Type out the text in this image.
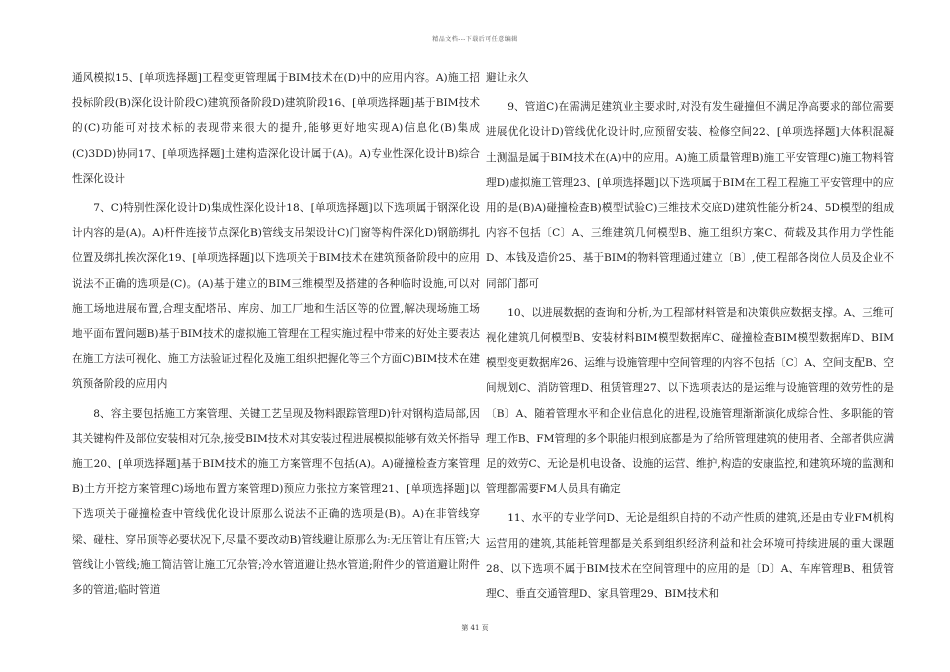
精品文档---下载后可任意编辑

通风模拟15、[单项选择题]工程变更管理属于BIM技术在(D)中的应用内容。A)施工招投标阶段(B)深化设计阶段C)建筑预备阶段D)建筑阶段16、[单项选择题]基于BIM技术的(C)功能可对技术标的表现带来很大的提升,能够更好地实现A)信息化(B)集成(C)3DD)协同17、[单项选择题]土建构造深化设计属于(A)。A)专业性深化设计B)综合性深化设计

7、C)特别性深化设计D)集成性深化设计18、[单项选择题]以下选项属于钢深化设计内容的是(A)。A)杆件连接节点深化B)管线支吊架设计C)门窗等构件深化D)钢筋绑扎位置及绑扎挨次深化19、[单项选择题]以下选项关于BIM技术在建筑预备阶段中的应用说法不正确的选项是(C)。(A)基于建立的BIM三维模型及搭建的各种临时设施,可以对施工场地进展布置,合理支配塔吊、库房、加工厂地和生活区等的位置,解决现场施工场地平面布置问题B)基于BIM技术的虚拟施工管理在工程实施过程中带来的好处主要表达在施工方法可视化、施工方法验证过程化及施工组织把握化等三个方面C)BIM技术在建筑预备阶段的应用内

8、容主要包括施工方案管理、关键工艺呈现及物料跟踪管理D)针对钢构造局部,因其关键构件及部位安装相对冗杂,接受BIM技术对其安装过程进展模拟能够有效关怀指导施工20、[单项选择题]基于BIM技术的施工方案管理不包括(A)。A)碰撞检查方案管理B)土方开挖方案管理C)场地布置方案管理D)预应力张拉方案管理21、[单项选择题]以下选项关于碰撞检查中管线优化设计原那么说法不正确的选项是(B)。A)在非管线穿梁、碰柱、穿吊顶等必要状况下,尽量不要改动B)管线避让原那么为:无压管让有压管;大管线让小管线;施工简洁管让施工冗杂管;冷水管道避让热水管道;附件少的管道避让附件多的管道;临时管道

避让永久

9、管道C)在需满足建筑业主要求时,对没有发生碰撞但不满足净高要求的部位需要进展优化设计D)管线优化设计时,应预留安装、检修空间22、[单项选择题]大体积混凝土测温是属于BIM技术在(A)中的应用。A)施工质量管理B)施工平安管理C)施工物料管理D)虚拟施工管理23、[单项选择题]以下选项属于BIM在工程工程施工平安管理中的应用的是(B)A)碰撞检查B)模型试验C)三维技术交底D)建筑性能分析24、5D模型的组成内容不包括〔C〕A、三维建筑几何模型B、施工组织方案C、荷载及其作用力学性能D、本钱及造价25、基于BIM的物料管理通过建立〔B〕,使工程部各岗位人员及企业不同部门都可

10、以进展数据的查询和分析,为工程部材料管是和决策供应数据支撑。A、三维可视化建筑几何模型B、安装材料BIM模型数据库C、碰撞检查BIM模型数据库D、BIM模型变更数据库26、运维与设施管理中空间管理的内容不包括〔C〕A、空间支配B、空间规划C、消防管理D、租赁管理27、以下选项表达的是运维与设施管理的效劳性的是〔B〕A、随着管理水平和企业信息化的进程,设施管理渐渐演化成综合性、多职能的管理工作B、FM管理的多个职能归根到底都是为了给所管理建筑的使用者、全部者供应满足的效劳C、无论是机电设备、设施的运营、维护,构造的安康监控,和建筑环境的监测和管理都需要FM人员具有确定

11、水平的专业学问D、无论是组织自持的不动产性质的建筑,还是由专业FM机构运营用的建筑,其能耗管理都是关系到组织经济利益和社会环境可持续进展的重大课题28、以下选项不属于BIM技术在空间管理中的应用的是〔D〕A、车库管理B、租赁管理C、垂直交通管理D、家具管理29、BIM技术和

第 41 页
